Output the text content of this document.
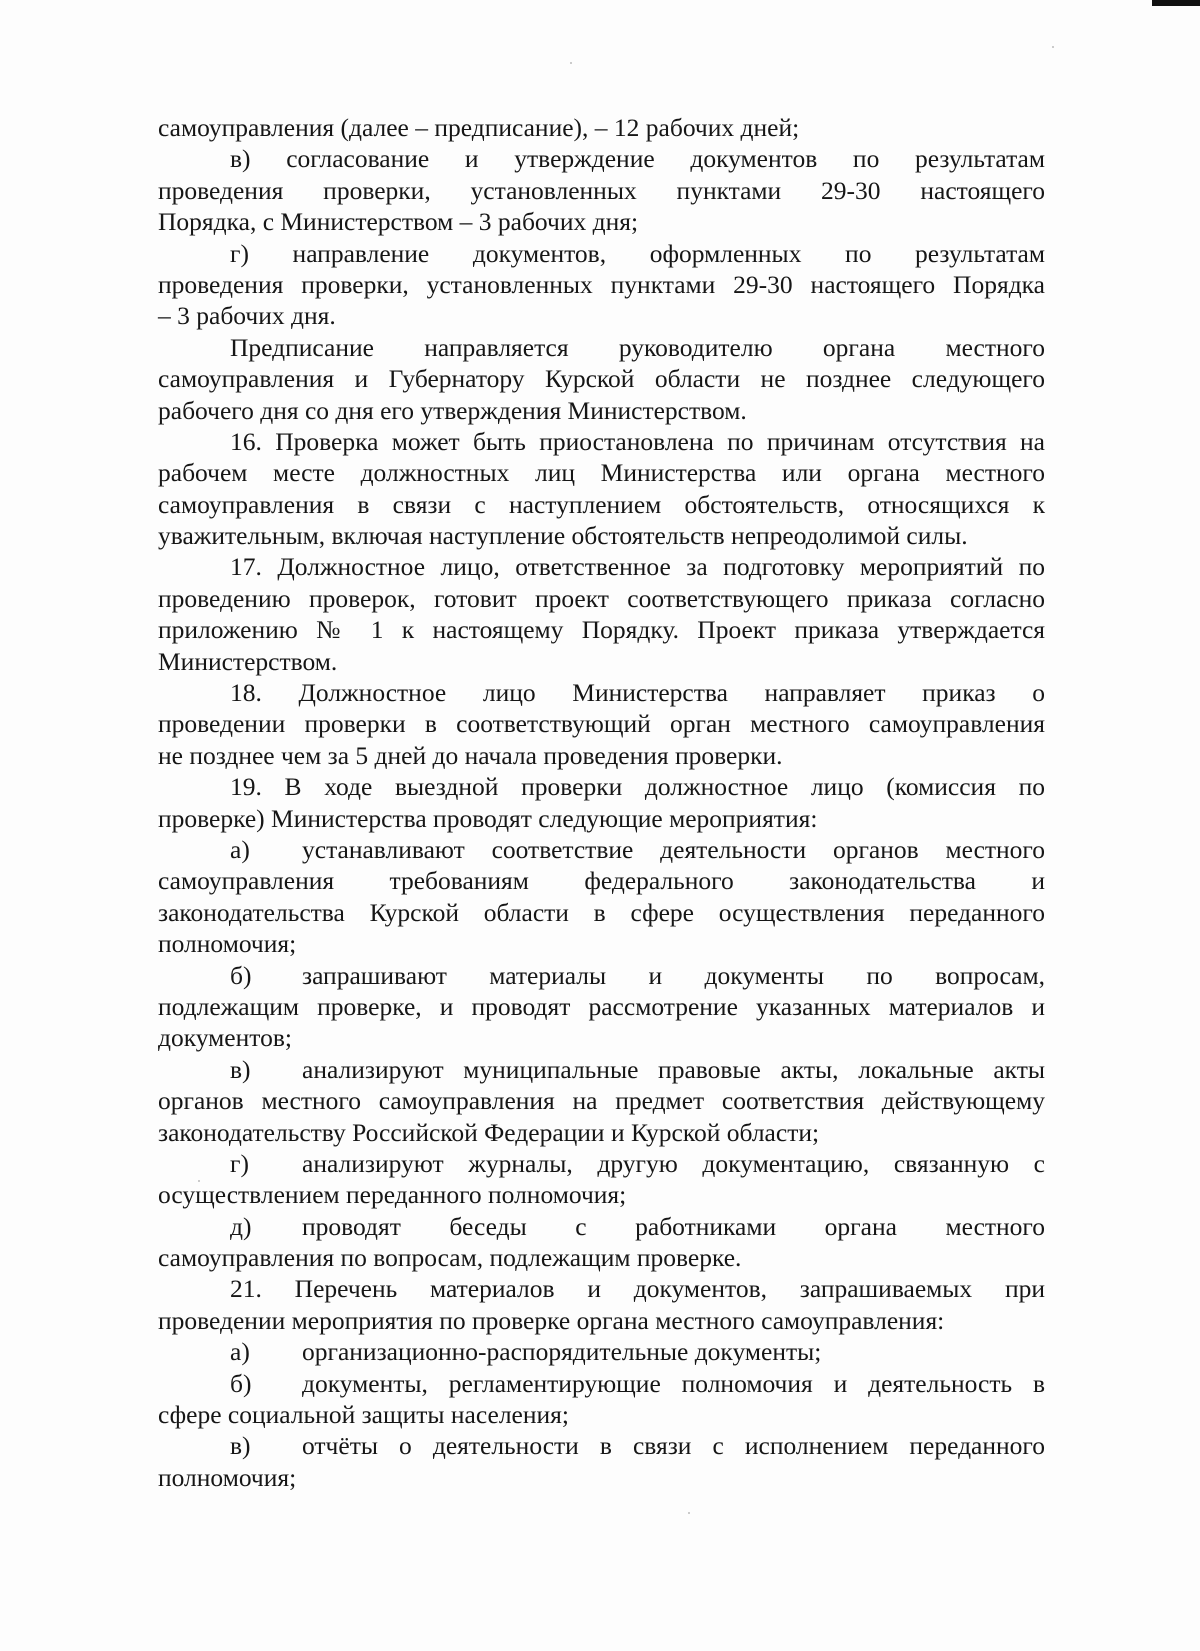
самоуправления (далее – предписание), – 12 рабочих дней;
в) согласование и утверждение документов по результатам
проведения проверки, установленных пунктами 29-30 настоящего
Порядка, с Министерством – 3 рабочих дня;
г) направление документов, оформленных по результатам
проведения проверки, установленных пунктами 29-30 настоящего Порядка
– 3 рабочих дня.
Предписание направляется руководителю органа местного
самоуправления и Губернатору Курской области не позднее следующего
рабочего дня со дня его утверждения Министерством.
16. Проверка может быть приостановлена по причинам отсутствия на
рабочем месте должностных лиц Министерства или органа местного
самоуправления в связи с наступлением обстоятельств, относящихся к
уважительным, включая наступление обстоятельств непреодолимой силы.
17. Должностное лицо, ответственное за подготовку мероприятий по
проведению проверок, готовит проект соответствующего приказа согласно
приложению № 1 к настоящему Порядку. Проект приказа утверждается
Министерством.
18. Должностное лицо Министерства направляет приказ о
проведении проверки в соответствующий орган местного самоуправления
не позднее чем за 5 дней до начала проведения проверки.
19. В ходе выездной проверки должностное лицо (комиссия по
проверке) Министерства проводят следующие мероприятия:
а)	устанавливают соответствие деятельности органов местного
самоуправления требованиям федерального законодательства и
законодательства Курской области в сфере осуществления переданного
полномочия;
б)	запрашивают материалы и документы по вопросам,
подлежащим проверке, и проводят рассмотрение указанных материалов и
документов;
в)	анализируют муниципальные правовые акты, локальные акты
органов местного самоуправления на предмет соответствия действующему
законодательству Российской Федерации и Курской области;
г)	анализируют журналы, другую документацию, связанную с
осуществлением переданного полномочия;
д)	проводят беседы с работниками органа местного
самоуправления по вопросам, подлежащим проверке.
21. Перечень материалов и документов, запрашиваемых при
проведении мероприятия по проверке органа местного самоуправления:
а)	организационно-распорядительные документы;
б)	документы, регламентирующие полномочия и деятельность в
сфере социальной защиты населения;
в)	отчёты о деятельности в связи с исполнением переданного
полномочия;
